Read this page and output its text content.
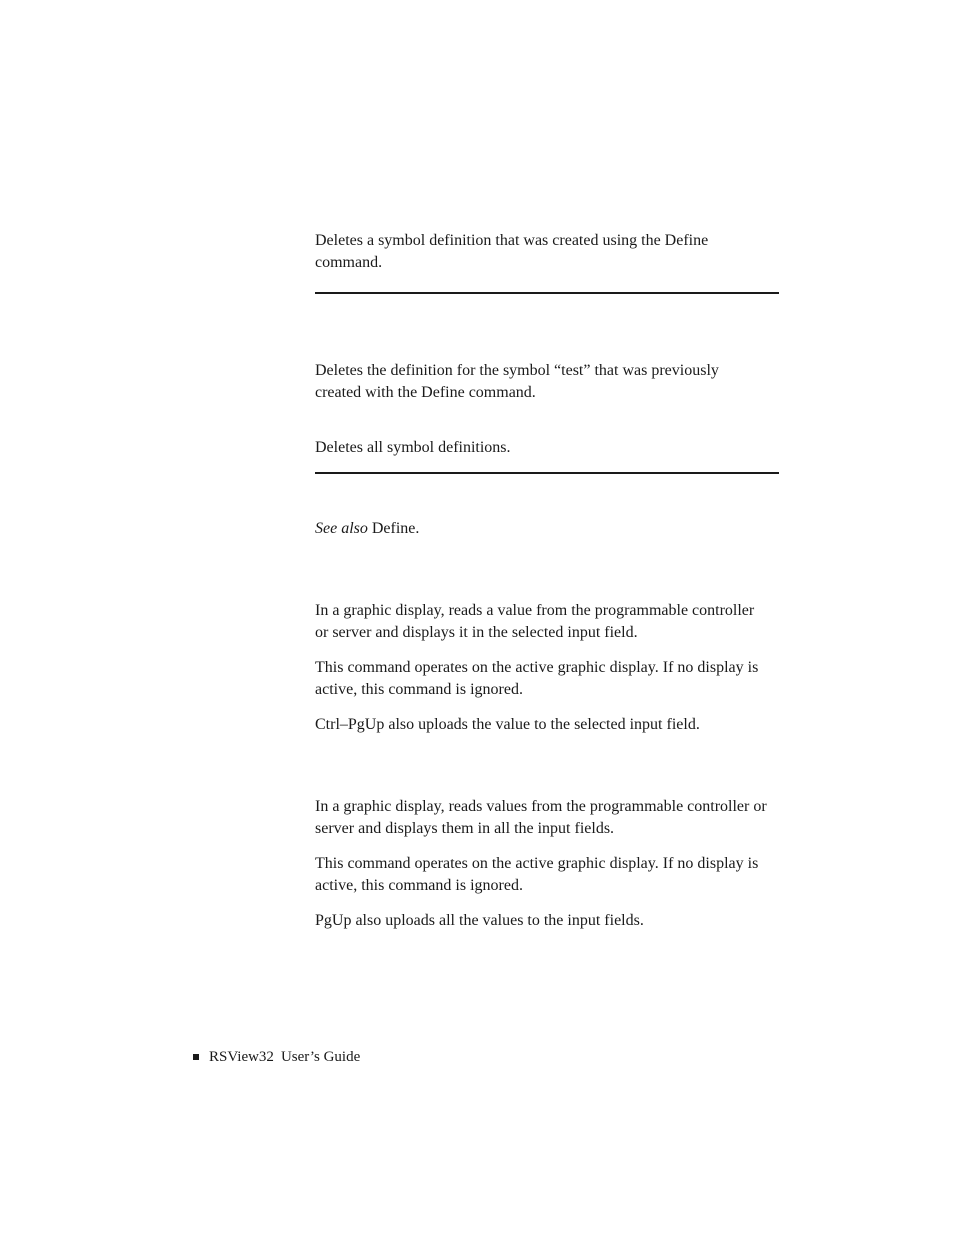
Deletes a symbol definition that was created using the Define
command.

Deletes the definition for the symbol “test” that was previously
created with the Define command.

Deletes all symbol definitions.

See also Define.

In a graphic display, reads a value from the programmable controller
or server and displays it in the selected input field.

This command operates on the active graphic display. If no display is
active, this command is ignored.

Ctrl–PgUp also uploads the value to the selected input field.

In a graphic display, reads values from the programmable controller or
server and displays them in all the input fields.

This command operates on the active graphic display. If no display is
active, this command is ignored.

PgUp also uploads all the values to the input fields.

RSView32 User’s Guide
